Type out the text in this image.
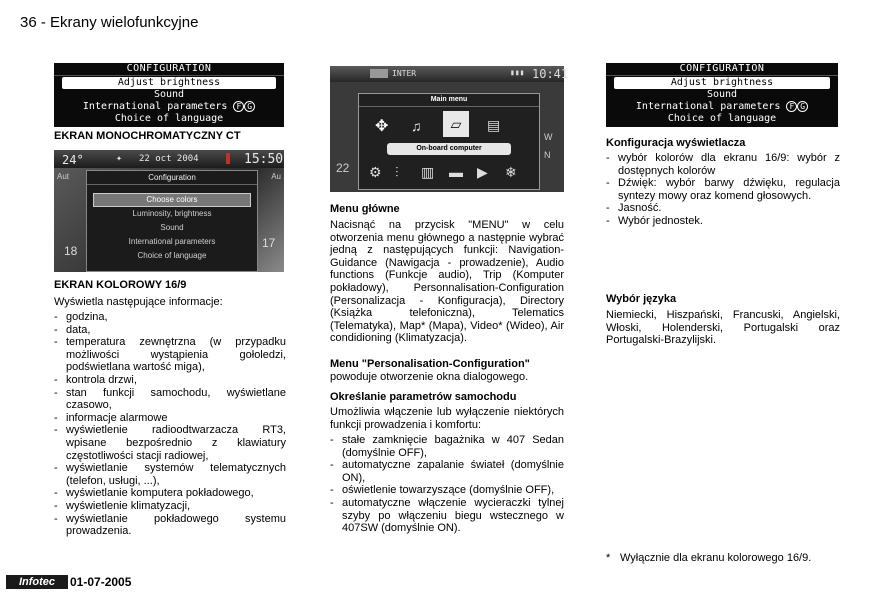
36 - Ekrany wielofunkcyjne
CONFIGURATION
Adjust brightness
Sound
International parameters F G
Choice of language
EKRAN MONOCHROMATYCZNY CT
24°	✦ 22 oct 2004	15:50
Aut	Au
18
17
Configuration
Choose colors
Luminosity, brightness
Sound
International parameters
Choice of language
EKRAN KOLOROWY 16/9
Wyświetla następujące informacje:
- godzina,
- data,
- temperatura zewnętrzna (w przypadku możliwości wystąpienia gołoledzi, podświetlana wartość miga),
- kontrola drzwi,
- stan funkcji samochodu, wyświetlane czasowo,
- informacje alarmowe
- wyświetlenie radioodtwarzacza RT3, wpisane bezpośrednio z klawiatury częstotliwości stacji radiowej,
- wyświetlanie systemów telematycznych (telefon, usługi, ...),
- wyświetlanie komputera pokładowego,
- wyświetlenie klimatyzacji,
- wyświetlanie pokładowego systemu prowadzenia.
INTER	▮▮▮ 10:41
22
W
N
Main menu
✥ ♫	▱	▤
On-board computer
⚙ ⫶ ▥ ▬ ▶ ❄
Menu główne
Nacisnąć na przycisk "MENU" w celu otworzenia menu głównego a następnie wybrać jedną z następujących funkcji: Navigation-Guidance (Nawigacja - prowadzenie), Audio functions (Funkcje audio), Trip (Komputer pokładowy), Personnalisation-Configuration (Personalizacja - Konfiguracja), Directory (Książka telefoniczna), Telematics (Telematyka), Map* (Mapa), Video* (Wideo), Air condidioning (Klimatyzacja).
Menu "Personalisation-Configuration"
powoduje otworzenie okna dialogowego.
Określanie parametrów samochodu
Umożliwia włączenie lub wyłączenie niektórych funkcji prowadzenia i komfortu:
- stałe zamknięcie bagażnika w 407 Sedan (domyślnie OFF),
- automatyczne zapalanie świateł (domyślnie ON),
- oświetlenie towarzyszące (domyślnie OFF),
- automatyczne włączenie wycieraczki tylnej szyby po włączeniu biegu wstecznego w 407SW (domyślnie ON).
CONFIGURATION
Adjust brightness
Sound
International parameters F G
Choice of language
Konfiguracja wyświetlacza
- wybór kolorów dla ekranu 16/9: wybór z dostępnych kolorów
- Dźwięk: wybór barwy dźwięku, regulacja syntezy mowy oraz komend głosowych.
- Jasność.
- Wybór jednostek.
Wybór języka
Niemiecki, Hiszpański, Francuski, Angielski, Włoski, Holenderski, Portugalski oraz Portugalski-Brazylijski.
* Wyłącznie dla ekranu kolorowego 16/9.
Infotec	01-07-2005
